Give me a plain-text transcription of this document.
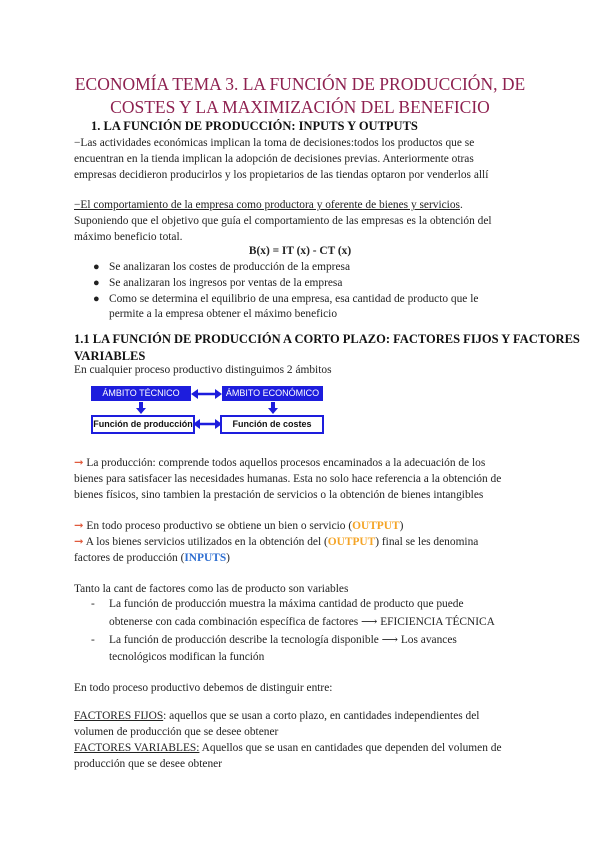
ECONOMÍA TEMA 3. LA FUNCIÓN DE PRODUCCIÓN, DE
COSTES Y LA MAXIMIZACIÓN DEL BENEFICIO
1. LA FUNCIÓN DE PRODUCCIÓN: INPUTS Y OUTPUTS
−Las actividades económicas implican la toma de decisiones:todos los productos que se
encuentran en la tienda implican la adopción de decisiones previas. Anteriormente otras
empresas decidieron producirlos y los propietarios de las tiendas optaron por venderlos allí
−El comportamiento de la empresa como productora y oferente de bienes y servicios.
Suponiendo que el objetivo que guía el comportamiento de las empresas es la obtención del
máximo beneficio total.
B(x) = IT (x) - CT (x)
● Se analizaran los costes de producción de la empresa
● Se analizaran los ingresos por ventas de la empresa
● Como se determina el equilibrio de una empresa, esa cantidad de producto que le
permite a la empresa obtener el máximo beneficio
1.1 LA FUNCIÓN DE PRODUCCIÓN A CORTO PLAZO: FACTORES FIJOS Y FACTORES
VARIABLES
En cualquier proceso productivo distinguimos 2 ámbitos
ÁMBITO TÉCNICO	ÁMBITO ECONÓMICO
Función de producción	Función de costes
➞ La producción: comprende todos aquellos procesos encaminados a la adecuación de los
bienes para satisfacer las necesidades humanas. Esta no solo hace referencia a la obtención de
bienes físicos, sino tambien la prestación de servicios o la obtención de bienes intangibles
➞ En todo proceso productivo se obtiene un bien o servicio (OUTPUT)
➞ A los bienes servicios utilizados en la obtención del (OUTPUT) final se les denomina
factores de producción (INPUTS)
Tanto la cant de factores como las de producto son variables
- La función de producción muestra la máxima cantidad de producto que puede
obtenerse con cada combinación específica de factores ⟶ EFICIENCIA TÉCNICA
- La función de producción describe la tecnología disponible ⟶ Los avances
tecnológicos modifican la función
En todo proceso productivo debemos de distinguir entre:
FACTORES FIJOS: aquellos que se usan a corto plazo, en cantidades independientes del
volumen de producción que se desee obtener
FACTORES VARIABLES: Aquellos que se usan en cantidades que dependen del volumen de
producción que se desee obtener
